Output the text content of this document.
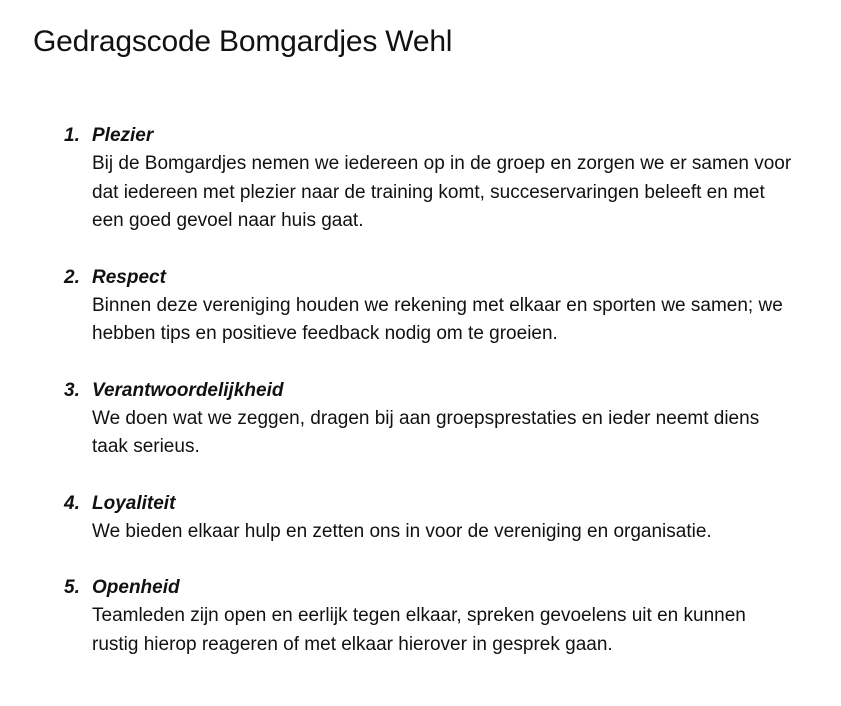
Gedragscode Bomgardjes Wehl
1. Plezier
Bij de Bomgardjes nemen we iedereen op in de groep en zorgen we er samen voor dat iedereen met plezier naar de training komt, succeservaringen beleeft en met een goed gevoel naar huis gaat.
2. Respect
Binnen deze vereniging houden we rekening met elkaar en sporten we samen; we hebben tips en positieve feedback nodig om te groeien.
3. Verantwoordelijkheid
We doen wat we zeggen, dragen bij aan groepsprestaties en ieder neemt diens taak serieus.
4. Loyaliteit
We bieden elkaar hulp en zetten ons in voor de vereniging en organisatie.
5. Openheid
Teamleden zijn open en eerlijk tegen elkaar, spreken gevoelens uit en kunnen rustig hierop reageren of met elkaar hierover in gesprek gaan.
